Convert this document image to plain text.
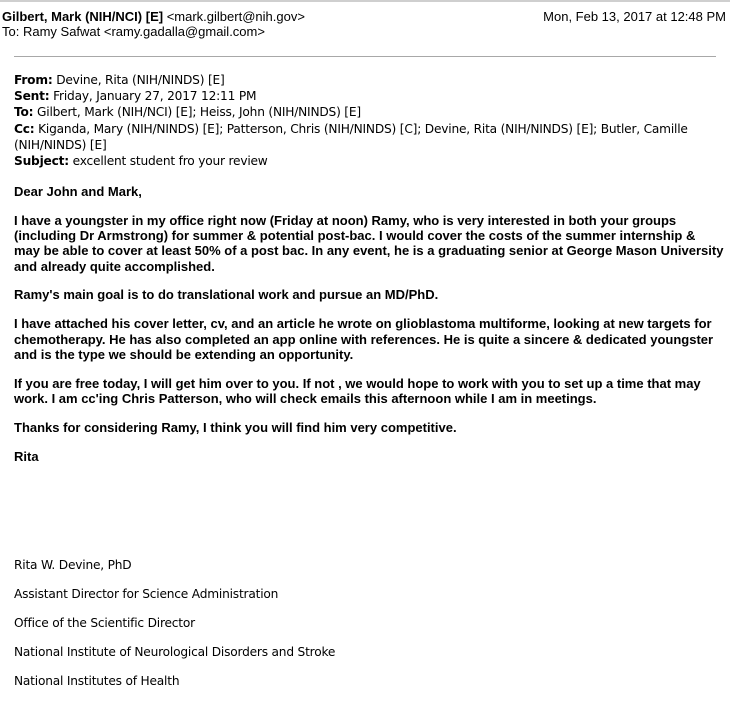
Gilbert, Mark (NIH/NCI) [E] <mark.gilbert@nih.gov>
To: Ramy Safwat <ramy.gadalla@gmail.com>
Mon, Feb 13, 2017 at 12:48 PM
From: Devine, Rita (NIH/NINDS) [E]
Sent: Friday, January 27, 2017 12:11 PM
To: Gilbert, Mark (NIH/NCI) [E]; Heiss, John (NIH/NINDS) [E]
Cc: Kiganda, Mary (NIH/NINDS) [E]; Patterson, Chris (NIH/NINDS) [C]; Devine, Rita (NIH/NINDS) [E]; Butler, Camille (NIH/NINDS) [E]
Subject: excellent student fro your review

Dear John and Mark,

I have a youngster in my office right now (Friday at noon) Ramy, who is very interested in both your groups (including Dr Armstrong) for summer & potential post-bac. I would cover the costs of the summer internship & may be able to cover at least 50% of a post bac. In any event, he is a graduating senior at George Mason University and already quite accomplished.

Ramy's main goal is to do translational work and pursue an MD/PhD.

I have attached his cover letter, cv, and an article he wrote on glioblastoma multiforme, looking at new targets for chemotherapy. He has also completed an app online with references. He is quite a sincere & dedicated youngster and is the type we should be extending an opportunity.

If you are free today, I will get him over to you. If not , we would hope to work with you to set up a time that may work. I am cc'ing Chris Patterson, who will check emails this afternoon while I am in meetings.

Thanks for considering Ramy, I think you will find him very competitive.

Rita

Rita W. Devine, PhD
Assistant Director for Science Administration
Office of the Scientific Director
National Institute of Neurological Disorders and Stroke
National Institutes of Health
